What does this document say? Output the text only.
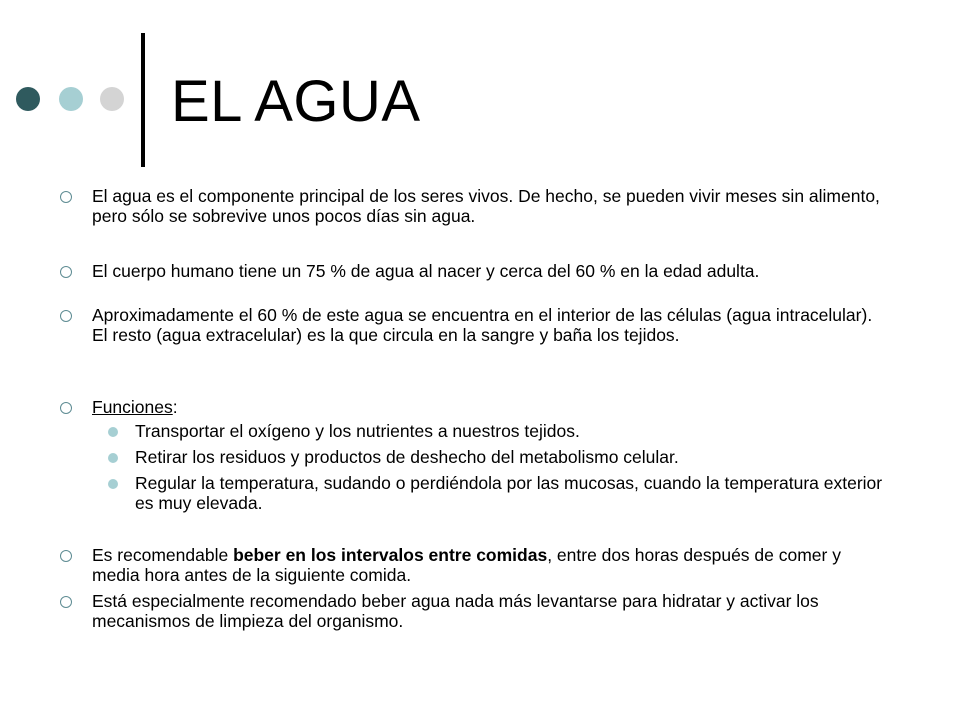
EL AGUA
El agua es el componente principal de los seres vivos. De hecho, se pueden vivir meses sin alimento, pero sólo se sobrevive unos pocos días sin agua.
El cuerpo humano tiene un 75 % de agua al nacer y cerca del 60 % en la edad adulta.
Aproximadamente el 60 % de este agua se encuentra en el interior de las células (agua intracelular). El resto (agua extracelular) es la que circula en la sangre y baña los tejidos.
Funciones:
Transportar el oxígeno y los nutrientes a nuestros tejidos.
Retirar los residuos y productos de deshecho del metabolismo celular.
Regular la temperatura, sudando o perdiéndola por las mucosas, cuando la temperatura exterior es muy elevada.
Es recomendable beber en los intervalos entre comidas, entre dos horas después de comer y media hora antes de la siguiente comida.
Está especialmente recomendado beber agua nada más levantarse para hidratar y activar los mecanismos de limpieza del organismo.
